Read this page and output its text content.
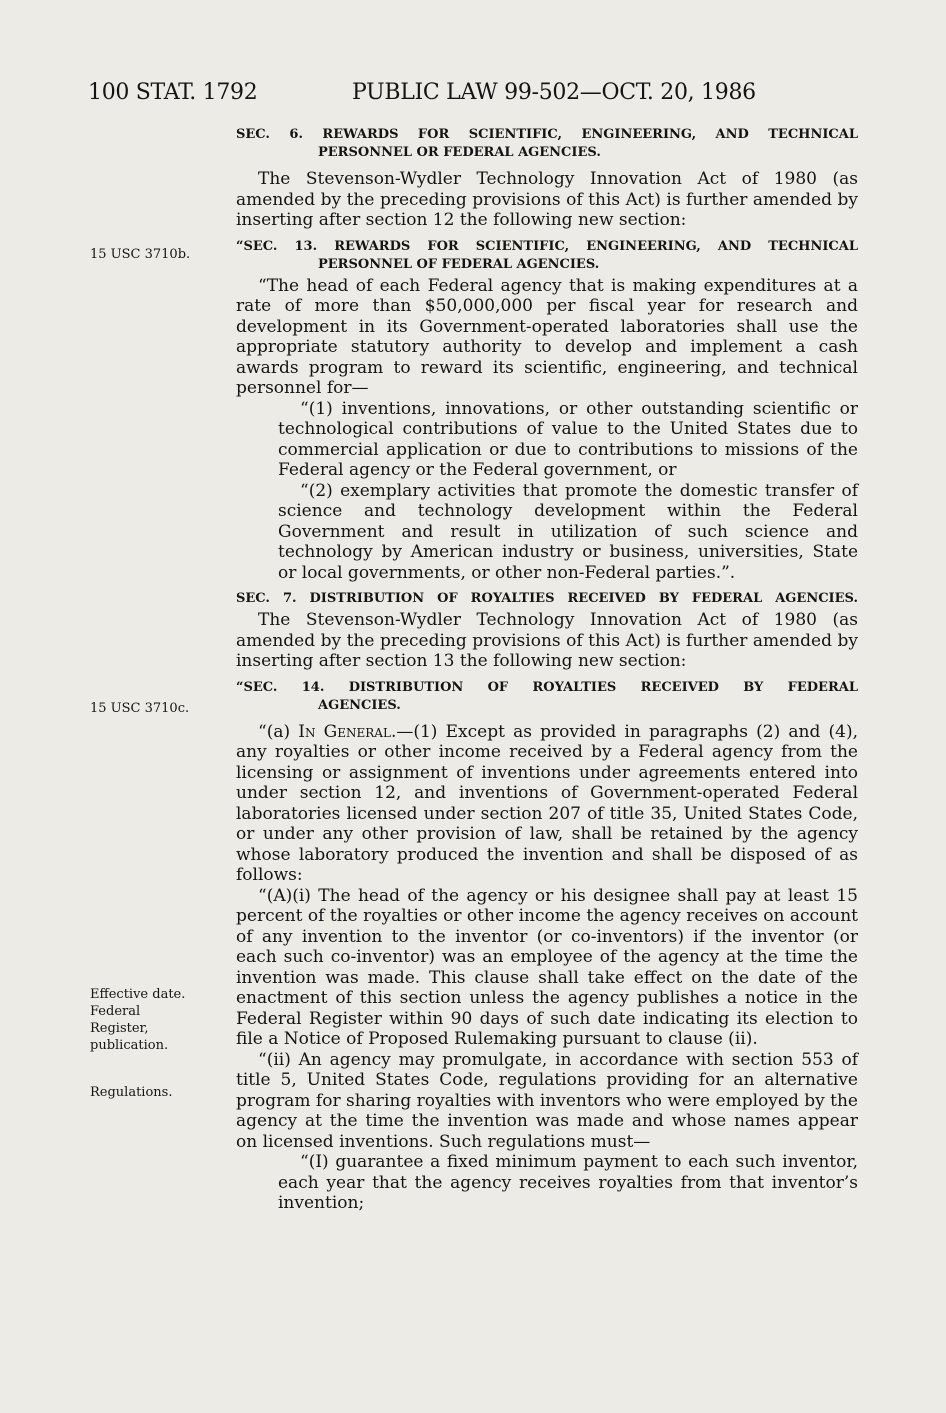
100 STAT. 1792	PUBLIC LAW 99-502—OCT. 20, 1986
15 USC 3710b.
15 USC 3710c.
Effective date.
Federal Register, publication.
Regulations.

SEC. 6. REWARDS FOR SCIENTIFIC, ENGINEERING, AND TECHNICAL
PERSONNEL OR FEDERAL AGENCIES.

The Stevenson-Wydler Technology Innovation Act of 1980 (as amended by the preceding provisions of this Act) is further amended by inserting after section 12 the following new section:

“SEC. 13. REWARDS FOR SCIENTIFIC, ENGINEERING, AND TECHNICAL
PERSONNEL OF FEDERAL AGENCIES.

“The head of each Federal agency that is making expenditures at a rate of more than $50,000,000 per fiscal year for research and development in its Government-operated laboratories shall use the appropriate statutory authority to develop and implement a cash awards program to reward its scientific, engineering, and technical personnel for—

“(1) inventions, innovations, or other outstanding scientific or technological contributions of value to the United States due to commercial application or due to contributions to missions of the Federal agency or the Federal government, or

“(2) exemplary activities that promote the domestic transfer of science and technology development within the Federal Government and result in utilization of such science and technology by American industry or business, universities, State or local governments, or other non-Federal parties.”.

SEC. 7. DISTRIBUTION OF ROYALTIES RECEIVED BY FEDERAL AGENCIES.

The Stevenson-Wydler Technology Innovation Act of 1980 (as amended by the preceding provisions of this Act) is further amended by inserting after section 13 the following new section:

“SEC. 14. DISTRIBUTION OF ROYALTIES RECEIVED BY FEDERAL
AGENCIES.

“(a) In General.—(1) Except as provided in paragraphs (2) and (4), any royalties or other income received by a Federal agency from the licensing or assignment of inventions under agreements entered into under section 12, and inventions of Government-operated Federal laboratories licensed under section 207 of title 35, United States Code, or under any other provision of law, shall be retained by the agency whose laboratory produced the invention and shall be disposed of as follows:

“(A)(i) The head of the agency or his designee shall pay at least 15 percent of the royalties or other income the agency receives on account of any invention to the inventor (or co-inventors) if the inventor (or each such co-inventor) was an employee of the agency at the time the invention was made. This clause shall take effect on the date of the enactment of this section unless the agency publishes a notice in the Federal Register within 90 days of such date indicating its election to file a Notice of Proposed Rulemaking pursuant to clause (ii).

“(ii) An agency may promulgate, in accordance with section 553 of title 5, United States Code, regulations providing for an alternative program for sharing royalties with inventors who were employed by the agency at the time the invention was made and whose names appear on licensed inventions. Such regulations must—

“(I) guarantee a fixed minimum payment to each such inventor, each year that the agency receives royalties from that inventor’s invention;
